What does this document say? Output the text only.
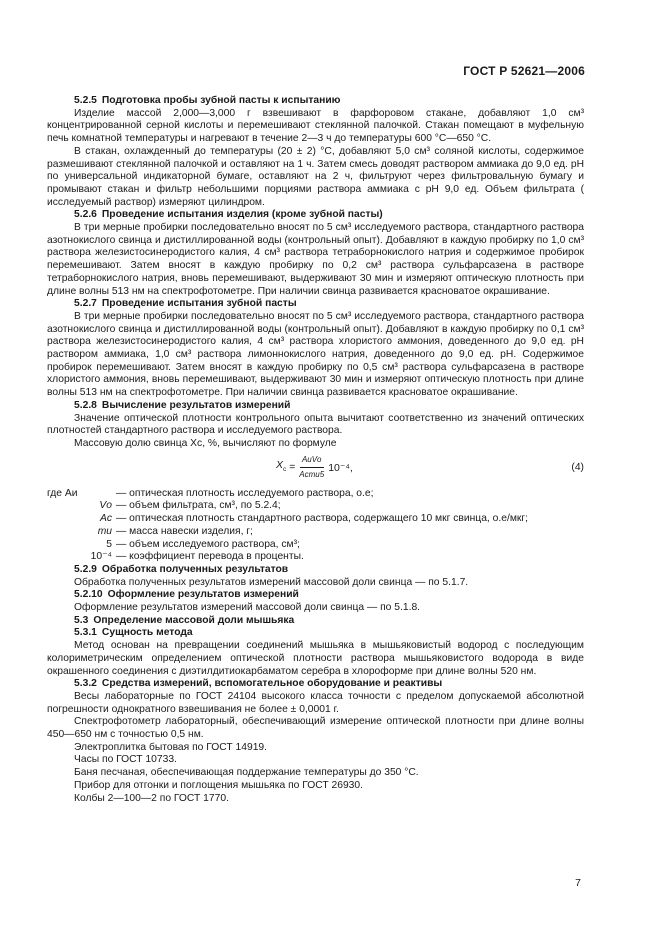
ГОСТ Р 52621—2006

5.2.5 Подготовка пробы зубной пасты к испытанию

Изделие массой 2,000—3,000 г взвешивают в фарфоровом стакане, добавляют 1,0 см³ концентрированной серной кислоты и перемешивают стеклянной палочкой. Стакан помещают в муфельную печь комнатной температуры и нагревают в течение 2—3 ч до температуры 600 °С—650 °С.

В стакан, охлажденный до температуры (20 ± 2) °С, добавляют 5,0 см³ соляной кислоты, содержимое размешивают стеклянной палочкой и оставляют на 1 ч. Затем смесь доводят раствором аммиака до 9,0 ед. рН по универсальной индикаторной бумаге, оставляют на 2 ч, фильтруют через фильтровальную бумагу и промывают стакан и фильтр небольшими порциями раствора аммиака с рН 9,0 ед. Объем фильтрата ( исследуемый раствор) измеряют цилиндром.

5.2.6 Проведение испытания изделия (кроме зубной пасты)

В три мерные пробирки последовательно вносят по 5 см³ исследуемого раствора, стандартного раствора азотнокислого свинца и дистиллированной воды (контрольный опыт). Добавляют в каждую пробирку по 1,0 см³ раствора железистосинеродистого калия, 4 см³ раствора тетраборнокислого натрия и содержимое пробирок перемешивают. Затем вносят в каждую пробирку по 0,2 см³ раствора сульфарсазена в растворе тетраборнокислого натрия, вновь перемешивают, выдерживают 30 мин и измеряют оптическую плотность при длине волны 513 нм на спектрофотометре. При наличии свинца развивается красноватое окрашивание.

5.2.7 Проведение испытания зубной пасты

В три мерные пробирки последовательно вносят по 5 см³ исследуемого раствора, стандартного раствора азотнокислого свинца и дистиллированной воды (контрольный опыт). Добавляют в каждую пробирку по 0,1 см³ раствора железистосинеродистого калия, 4 см³ раствора хлористого аммония, доведенного до 9,0 ед. рН раствором аммиака, 1,0 см³ раствора лимоннокислого натрия, доведенного до 9,0 ед. рН. Содержимое пробирок перемешивают. Затем вносят в каждую пробирку по 0,5 см³ раствора сульфарсазена в растворе хлористого аммония, вновь перемешивают, выдерживают 30 мин и измеряют оптическую плотность при длине волны 513 нм на спектрофотометре. При наличии свинца развивается красноватое окрашивание.

5.2.8 Вычисление результатов измерений

Значение оптической плотности контрольного опыта вычитают соответственно из значений оптических плотностей стандартного раствора и исследуемого раствора.

Массовую долю свинца Xс, %, вычисляют по формуле

$X_с = \frac{\text{AиVо}}{\text{Aсmи5}} 10^{-4}$,	(4)
где Aи	— оптическая плотность исследуемого раствора, о.е;
Vо — объем фильтрата, см³, по 5.2.4;
Aс — оптическая плотность стандартного раствора, содержащего 10 мкг свинца, о.е/мкг;
mи — масса навески изделия, г;
5 — объем исследуемого раствора, см³;
10⁻⁴ — коэффициент перевода в проценты.

5.2.9 Обработка полученных результатов

Обработка полученных результатов измерений массовой доли свинца — по 5.1.7.

5.2.10 Оформление результатов измерений

Оформление результатов измерений массовой доли свинца — по 5.1.8.

5.3 Определение массовой доли мышьяка

5.3.1 Сущность метода

Метод основан на превращении соединений мышьяка в мышьяковистый водород с последующим колориметрическим определением оптической плотности раствора мышьяковистого водорода в виде окрашенного соединения с диэтилдитиокарбаматом серебра в хлороформе при длине волны 520 нм.

5.3.2 Средства измерений, вспомогательное оборудование и реактивы

Весы лабораторные по ГОСТ 24104 высокого класса точности с пределом допускаемой абсолютной погрешности однократного взвешивания не более ± 0,0001 г.

Спектрофотометр лабораторный, обеспечивающий измерение оптической плотности при длине волны 450—650 нм с точностью 0,5 нм.

Электроплитка бытовая по ГОСТ 14919.

Часы по ГОСТ 10733.

Баня песчаная, обеспечивающая поддержание температуры до 350 °С.

Прибор для отгонки и поглощения мышьяка по ГОСТ 26930.

Колбы 2—100—2 по ГОСТ 1770.

7
